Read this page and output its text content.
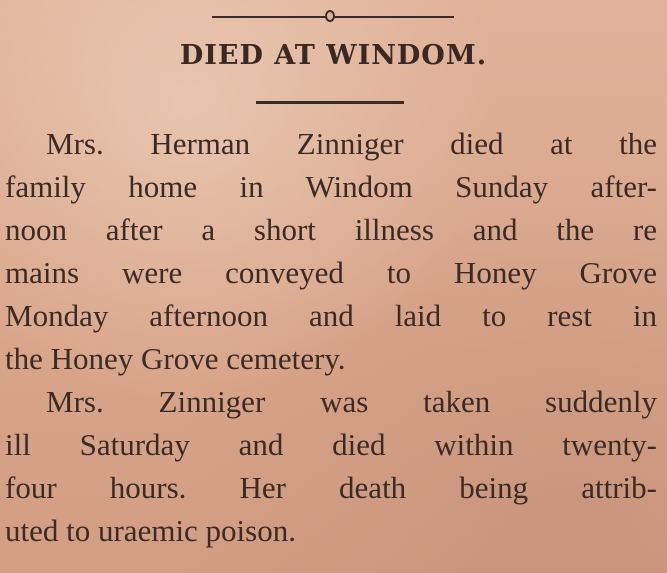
DIED AT WINDOM.
Mrs. Herman Zinniger died at the
family home in Windom Sunday after-
noon after a short illness and the re
mains were conveyed to Honey Grove
Monday afternoon and laid to rest in
the Honey Grove cemetery.
Mrs. Zinniger was taken suddenly
ill Saturday and died within twenty-
four hours. Her death being attrib-
uted to uraemic poison.
